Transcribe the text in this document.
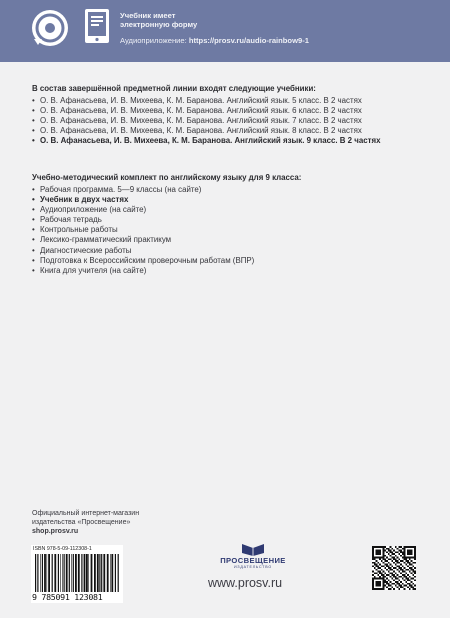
Учебник имеет
электронную форму
Аудиоприложение: https://prosv.ru/audio-rainbow9-1
В состав завершённой предметной линии входят следующие учебники:
• О. В. Афанасьева, И. В. Михеева, К. М. Баранова. Английский язык. 5 класс. В 2 частях
• О. В. Афанасьева, И. В. Михеева, К. М. Баранова. Английский язык. 6 класс. В 2 частях
• О. В. Афанасьева, И. В. Михеева, К. М. Баранова. Английский язык. 7 класс. В 2 частях
• О. В. Афанасьева, И. В. Михеева, К. М. Баранова. Английский язык. 8 класс. В 2 частях
• О. В. Афанасьева, И. В. Михеева, К. М. Баранова. Английский язык. 9 класс. В 2 частях
Учебно-методический комплект по английскому языку для 9 класса:
• Рабочая программа. 5—9 классы (на сайте)
• Учебник в двух частях
• Аудиоприложение (на сайте)
• Рабочая тетрадь
• Контрольные работы
• Лексико-грамматический практикум
• Диагностические работы
• Подготовка к Всероссийским проверочным работам (ВПР)
• Книга для учителя (на сайте)
Официальный интернет-магазин
издательства «Просвещение»
shop.prosv.ru
ISBN 978-5-09-112308-1
9 785091 123081
ПРОСВЕЩЕНИЕ
ИЗДАТЕЛЬСТВО
www.prosv.ru
